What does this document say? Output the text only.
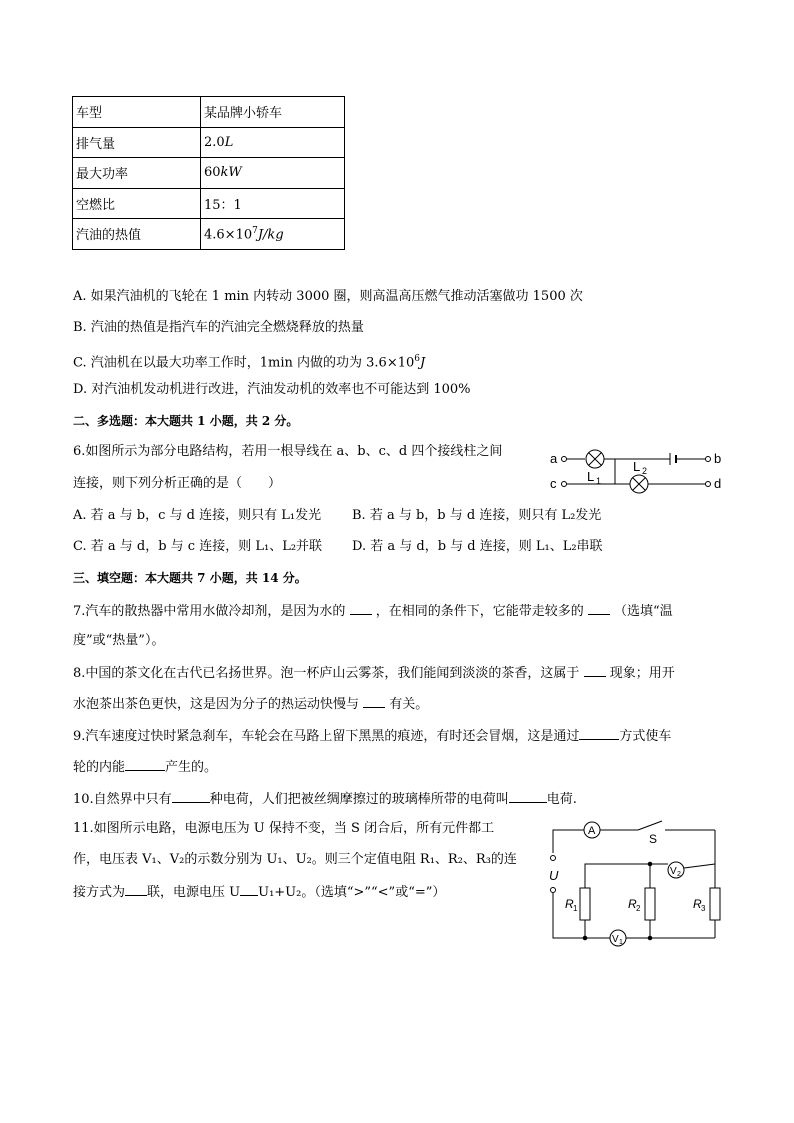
车型	某品牌小轿车
排气量	2.0L
最大功率	60kW
空燃比	15：1
汽油的热值	$4.6\times 10^7J/kg$
A. 如果汽油机的飞轮在 1 min 内转动 3000 圈，则高温高压燃气推动活塞做功 1500 次
B. 汽油的热值是指汽车的汽油完全燃烧释放的热量
C. 汽油机在以最大功率工作时，1min 内做的功为 $3.6\times 10^6J$
D. 对汽油机发动机进行改进，汽油发动机的效率也不可能达到 100%
二、多选题：本大题共 1 小题，共 2 分。
6.如图所示为部分电路结构，若用一根导线在 a、b、c、d 四个接线柱之间
连接，则下列分析正确的是（　　）
a
c
b
d
L 1
L 2
A. 若 a 与 b，c 与 d 连接，则只有 L₁发光 B. 若 a 与 b，b 与 d 连接，则只有 L₂发光
C. 若 a 与 d，b 与 c 连接，则 L₁、L₂并联 D. 若 a 与 d，b 与 d 连接，则 L₁、L₂串联
三、填空题：本大题共 7 小题，共 14 分。
7.汽车的散热器中常用水做冷却剂，是因为水的 ，在相同的条件下，它能带走较多的 （选填“温
度”或“热量”）。
8.中国的茶文化在古代已名扬世界。泡一杯庐山云雾茶，我们能闻到淡淡的茶香，这属于 现象；用开
水泡茶出茶色更快，这是因为分子的热运动快慢与 有关。
9.汽车速度过快时紧急刹车，车轮会在马路上留下黑黑的痕迹，有时还会冒烟，这是通过	方式使车
轮的内能	产生的。
10.自然界中只有	种电荷，人们把被丝绸摩擦过的玻璃棒所带的电荷叫	电荷.
11.如图所示电路，电源电压为 U 保持不变，当 S 闭合后，所有元件都工
作，电压表 V₁、V₂的示数分别为 U₁、U₂。则三个定值电阻 R₁、R₂、R₃的连
接方式为 联，电源电压 U U₁+U₂。（选填“>”“<”或“=”）
A
S
U
R 1	R 2	R 3
V 2
V 1
